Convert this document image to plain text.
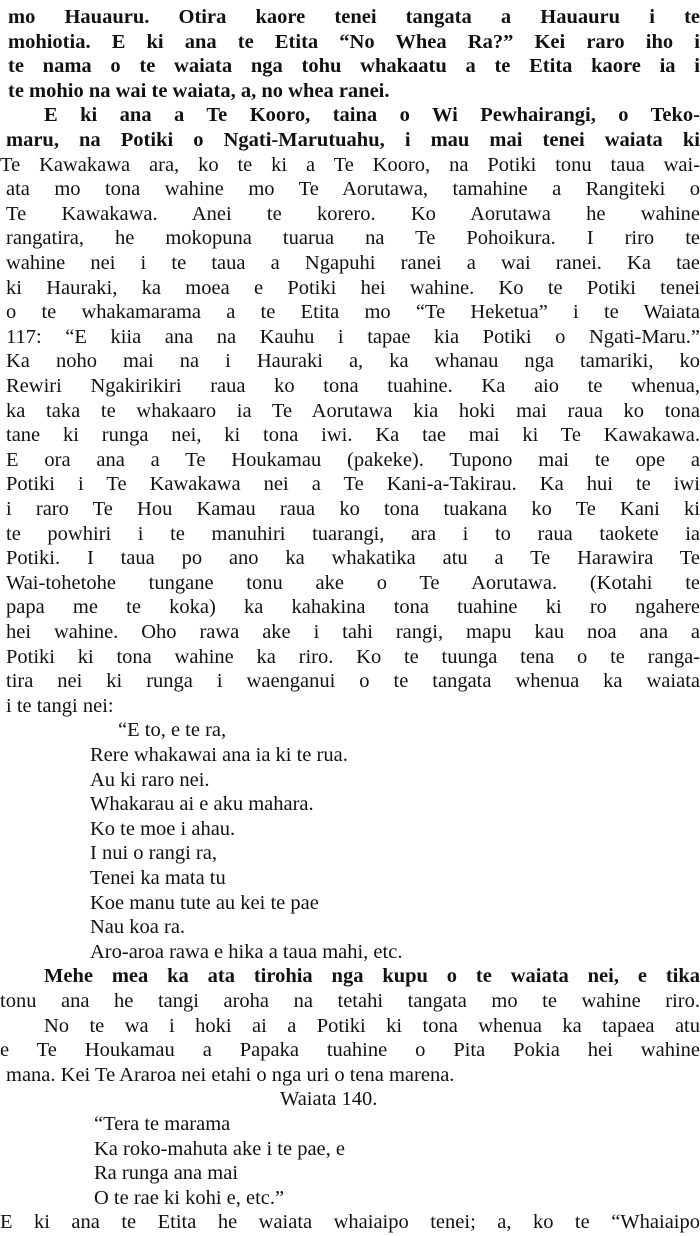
mo Hauauru. Otira kaore tenei tangata a Hauauru i te
mohiotia. E ki ana te Etita “No Whea Ra?” Kei raro iho i
te nama o te waiata nga tohu whakaatu a te Etita kaore ia i
te mohio na wai te waiata, a, no whea ranei.
E ki ana a Te Kooro, taina o Wi Pewhairangi, o Teko-
maru, na Potiki o Ngati-Marutuahu, i mau mai tenei waiata ki
Te Kawakawa ara, ko te ki a Te Kooro, na Potiki tonu taua wai-
ata mo tona wahine mo Te Aorutawa, tamahine a Rangiteki o
Te Kawakawa. Anei te korero. Ko Aorutawa he wahine
rangatira, he mokopuna tuarua na Te Pohoikura. I riro te
wahine nei i te taua a Ngapuhi ranei a wai ranei. Ka tae
ki Hauraki, ka moea e Potiki hei wahine. Ko te Potiki tenei
o te whakamarama a te Etita mo “Te Heketua” i te Waiata
117: “E kiia ana na Kauhu i tapae kia Potiki o Ngati-Maru.”
Ka noho mai na i Hauraki a, ka whanau nga tamariki, ko
Rewiri Ngakirikiri raua ko tona tuahine. Ka aio te whenua,
ka taka te whakaaro ia Te Aorutawa kia hoki mai raua ko tona
tane ki runga nei, ki tona iwi. Ka tae mai ki Te Kawakawa.
E ora ana a Te Houkamau (pakeke). Tupono mai te ope a
Potiki i Te Kawakawa nei a Te Kani-a-Takirau. Ka hui te iwi
i raro Te Hou Kamau raua ko tona tuakana ko Te Kani ki
te powhiri i te manuhiri tuarangi, ara i to raua taokete ia
Potiki. I taua po ano ka whakatika atu a Te Harawira Te
Wai-tohetohe tungane tonu ake o Te Aorutawa. (Kotahi te
papa me te koka) ka kahakina tona tuahine ki ro ngahere
hei wahine. Oho rawa ake i tahi rangi, mapu kau noa ana a
Potiki ki tona wahine ka riro. Ko te tuunga tena o te ranga-
tira nei ki runga i waenganui o te tangata whenua ka waiata
i te tangi nei:
“E to, e te ra,
Rere whakawai ana ia ki te rua.
Au ki raro nei.
Whakarau ai e aku mahara.
Ko te moe i ahau.
I nui o rangi ra,
Tenei ka mata tu
Koe manu tute au kei te pae
Nau koa ra.
Aro-aroa rawa e hika a taua mahi, etc.
Mehe mea ka ata tirohia nga kupu o te waiata nei, e tika
tonu ana he tangi aroha na tetahi tangata mo te wahine riro.
No te wa i hoki ai a Potiki ki tona whenua ka tapaea atu
e Te Houkamau a Papaka tuahine o Pita Pokia hei wahine
mana. Kei Te Araroa nei etahi o nga uri o tena marena.
Waiata 140.
“Tera te marama
Ka roko-mahuta ake i te pae, e
Ra runga ana mai
O te rae ki kohi e, etc.”
E ki ana te Etita he waiata whaiaipo tenei; a, ko te “Whaiaipo
